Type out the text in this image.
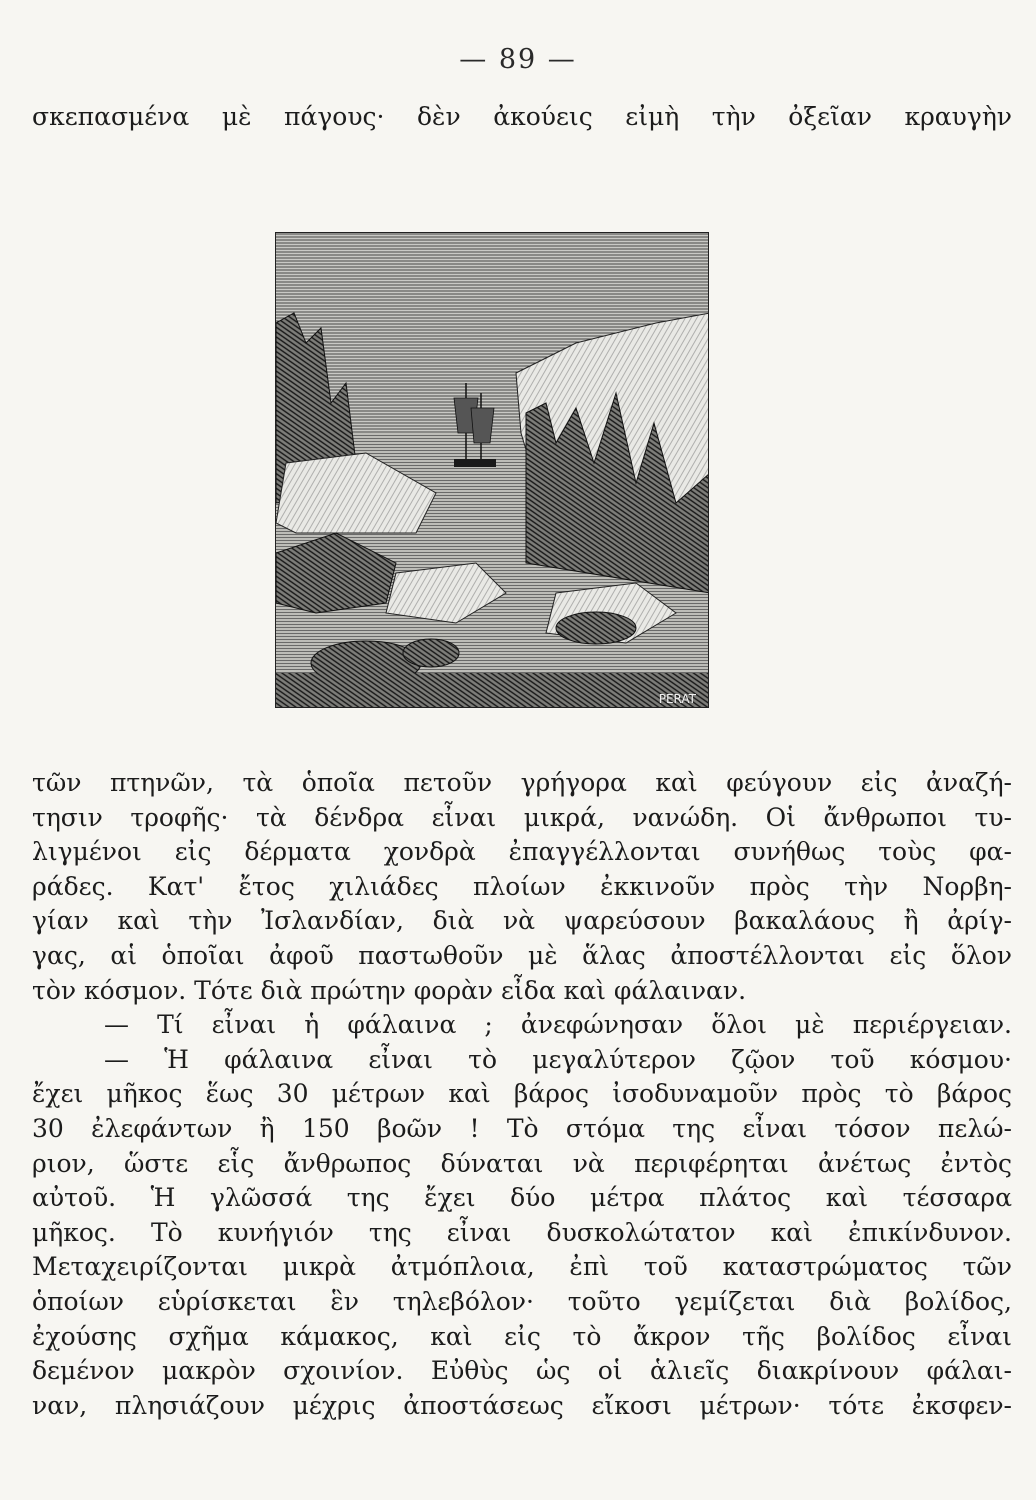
— 89 —
σκεπασμένα μὲ πάγους· δὲν ἀκούεις εἰμὴ τὴν ὀξεῖαν κραυγὴν
PERAT
τῶν πτηνῶν, τὰ ὁποῖα πετοῦν γρήγορα καὶ φεύγουν εἰς ἀναζή-
τησιν τροφῆς· τὰ δένδρα εἶναι μικρά, νανώδη. Οἱ ἄνθρωποι τυ-
λιγμένοι εἰς δέρματα χονδρὰ ἐπαγγέλλονται συνήθως τοὺς φα-
ράδες. Κατ' ἔτος χιλιάδες πλοίων ἐκκινοῦν πρὸς τὴν Νορβη-
γίαν καὶ τὴν Ἰσλανδίαν, διὰ νὰ ψαρεύσουν βακαλάους ἢ ἀρίγ-
γας, αἱ ὁποῖαι ἀφοῦ παστωθοῦν μὲ ἅλας ἀποστέλλονται εἰς ὅλον
τὸν κόσμον. Τότε διὰ πρώτην φορὰν εἶδα καὶ φάλαιναν.
— Τί εἶναι ἡ φάλαινα ; ἀνεφώνησαν ὅλοι μὲ περιέργειαν.
— Ἡ φάλαινα εἶναι τὸ μεγαλύτερον ζῷον τοῦ κόσμου·
ἔχει μῆκος ἕως 30 μέτρων καὶ βάρος ἰσοδυναμοῦν πρὸς τὸ βάρος
30 ἐλεφάντων ἢ 150 βοῶν ! Τὸ στόμα της εἶναι τόσον πελώ-
ριον, ὥστε εἷς ἄνθρωπος δύναται νὰ περιφέρηται ἀνέτως ἐντὸς
αὐτοῦ. Ἡ γλῶσσά της ἔχει δύο μέτρα πλάτος καὶ τέσσαρα
μῆκος. Τὸ κυνήγιόν της εἶναι δυσκολώτατον καὶ ἐπικίνδυνον.
Μεταχειρίζονται μικρὰ ἀτμόπλοια, ἐπὶ τοῦ καταστρώματος τῶν
ὁποίων εὑρίσκεται ἓν τηλεβόλον· τοῦτο γεμίζεται διὰ βολίδος,
ἐχούσης σχῆμα κάμακος, καὶ εἰς τὸ ἄκρον τῆς βολίδος εἶναι
δεμένον μακρὸν σχοινίον. Εὐθὺς ὡς οἱ ἁλιεῖς διακρίνουν φάλαι-
ναν, πλησιάζουν μέχρις ἀποστάσεως εἴκοσι μέτρων· τότε ἐκσφεν-
